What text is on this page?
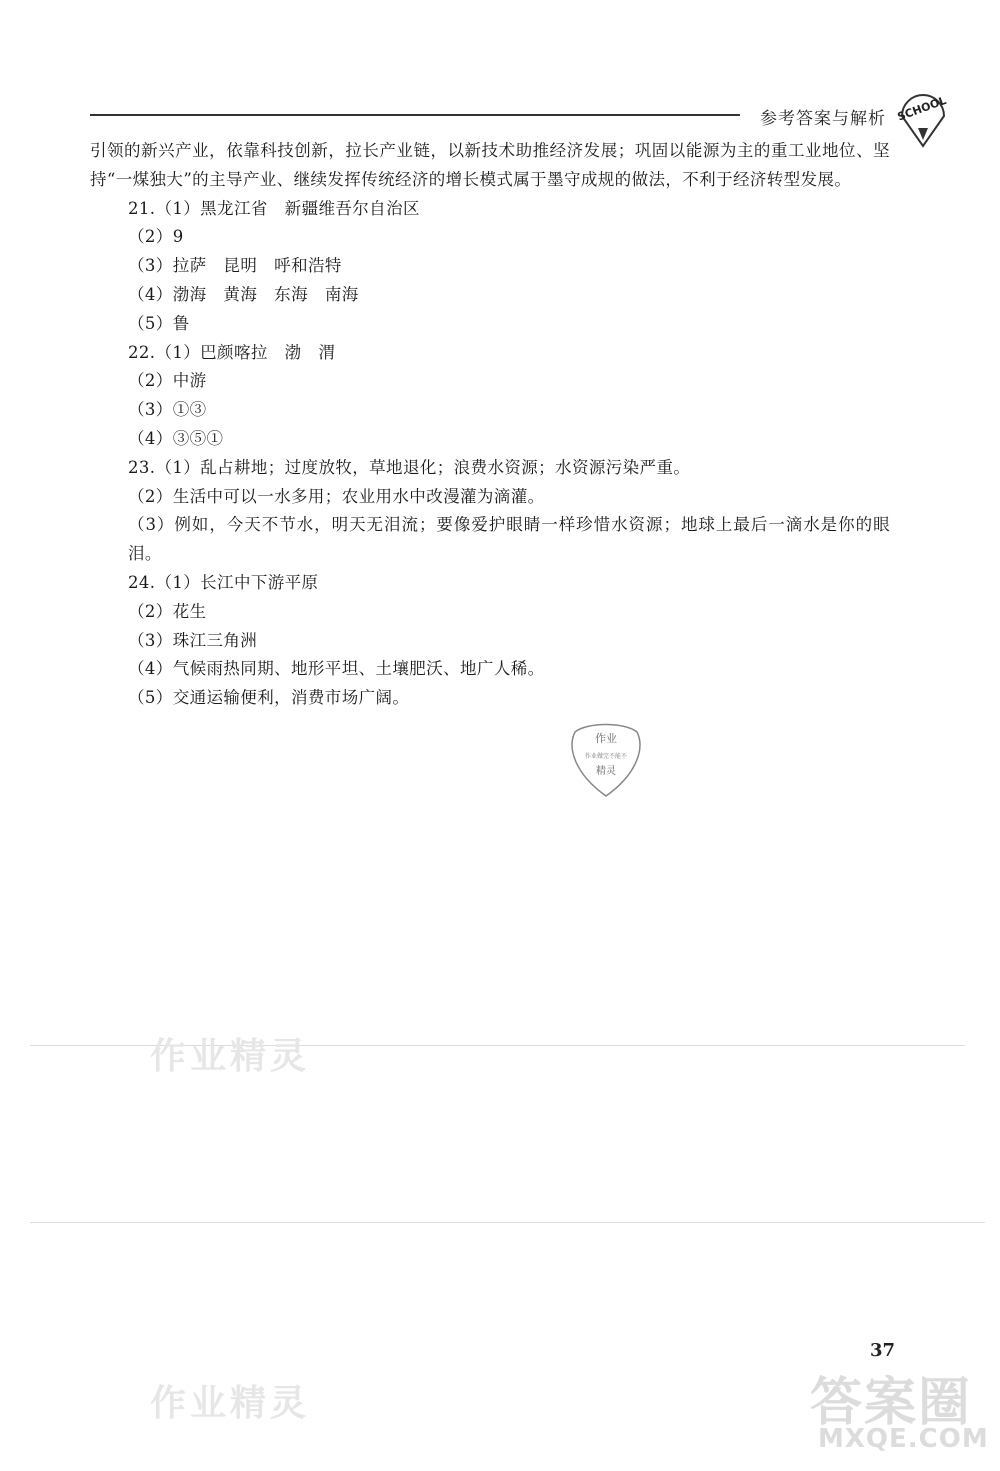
参考答案与解析 SCHOOL

引领的新兴产业，依靠科技创新，拉长产业链，以新技术助推经济发展；巩固以能源为主的重工业地位、坚持“一煤独大”的主导产业、继续发挥传统经济的增长模式属于墨守成规的做法，不利于经济转型发展。

21.（1）黑龙江省   新疆维吾尔自治区

（2）9

（3）拉萨   昆明   呼和浩特

（4）渤海   黄海   东海   南海

（5）鲁

22.（1）巴颜喀拉   渤   渭

（2）中游

（3）①③

（4）③⑤①

23.（1）乱占耕地；过度放牧，草地退化；浪费水资源；水资源污染严重。

（2）生活中可以一水多用；农业用水中改漫灌为滴灌。

（3）例如，今天不节水，明天无泪流；要像爱护眼睛一样珍惜水资源；地球上最后一滴水是你的眼泪。

24.（1）长江中下游平原

（2）花生

（3）珠江三角洲

（4）气候雨热同期、地形平坦、土壤肥沃、地广人稀。

（5）交通运输便利，消费市场广阔。

作业
作业做完不能不
精灵
作业精灵
作业精灵
37
答案圈
MXQE.COM
